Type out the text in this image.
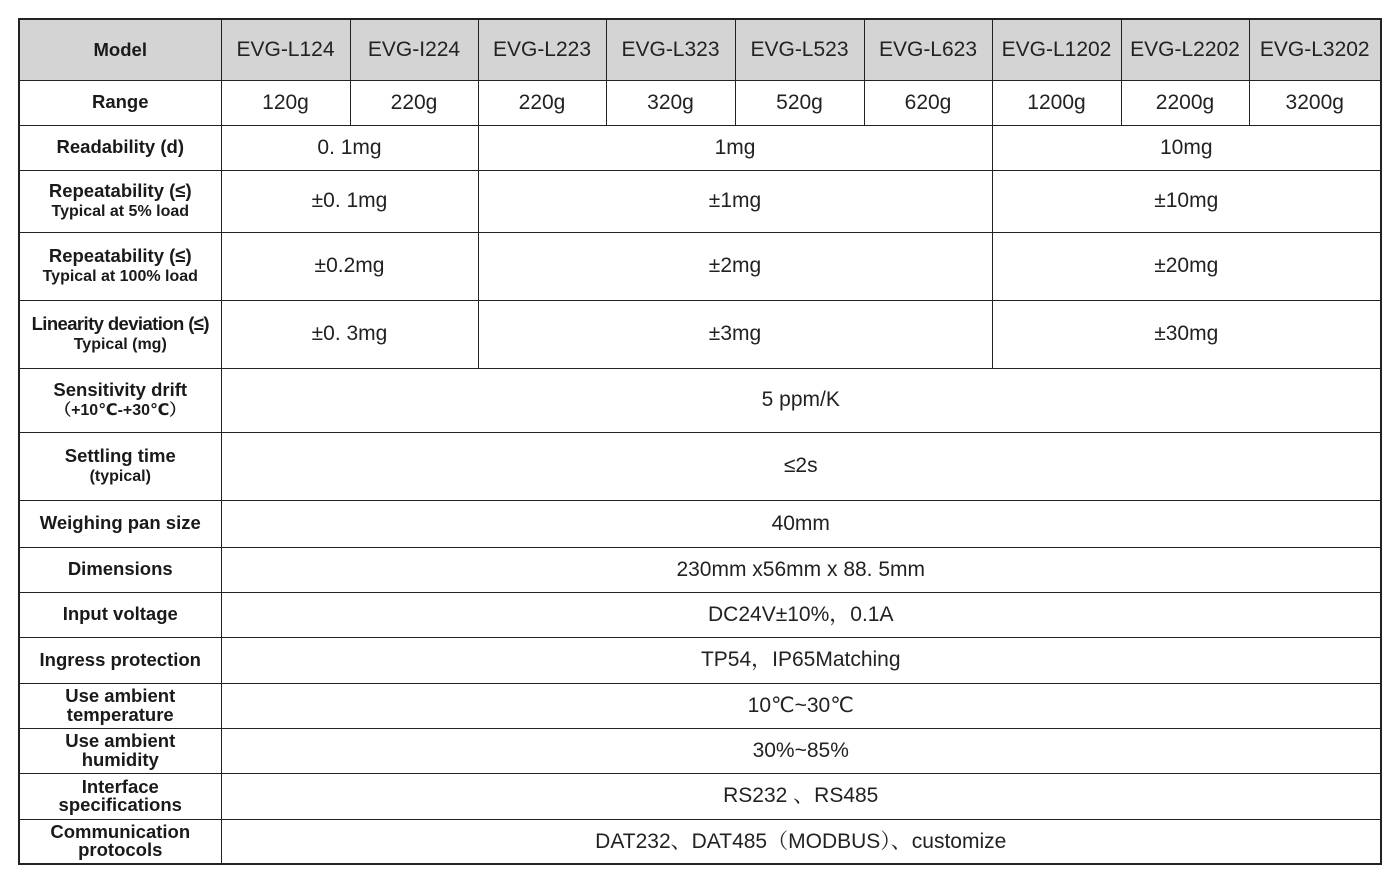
Model	EVG-L124	EVG-I224	EVG-L223	EVG-L323	EVG-L523	EVG-L623	EVG-L1202	EVG-L2202	EVG-L3202
Range	120g	220g	220g	320g	520g	620g	1200g	2200g	3200g
Readability (d)	0. 1mg		1mg				10mg		
Repeatability (≤)
Typical at 5% load	±0. 1mg		±1mg				±10mg		
Repeatability (≤)
Typical at 100% load	±0.2mg		±2mg				±20mg		
Linearity deviation (≤)
Typical (mg)	±0. 3mg		±3mg				±30mg		
Sensitivity drift
（+10℃-+30℃）	5 ppm/K								
Settling time
(typical)	≤2s								
Weighing pan size	40mm								
Dimensions	230mm x56mm x 88. 5mm								
Input voltage	DC24V±10%，0.1A								
Ingress protection	TP54，IP65Matching								

Use ambient
temperature	10℃~30℃								

Use ambient
humidity	30%~85%								

Interface
specifications	RS232 、RS485								

Communication
protocols	DAT232、DAT485（MODBUS）、customize								
